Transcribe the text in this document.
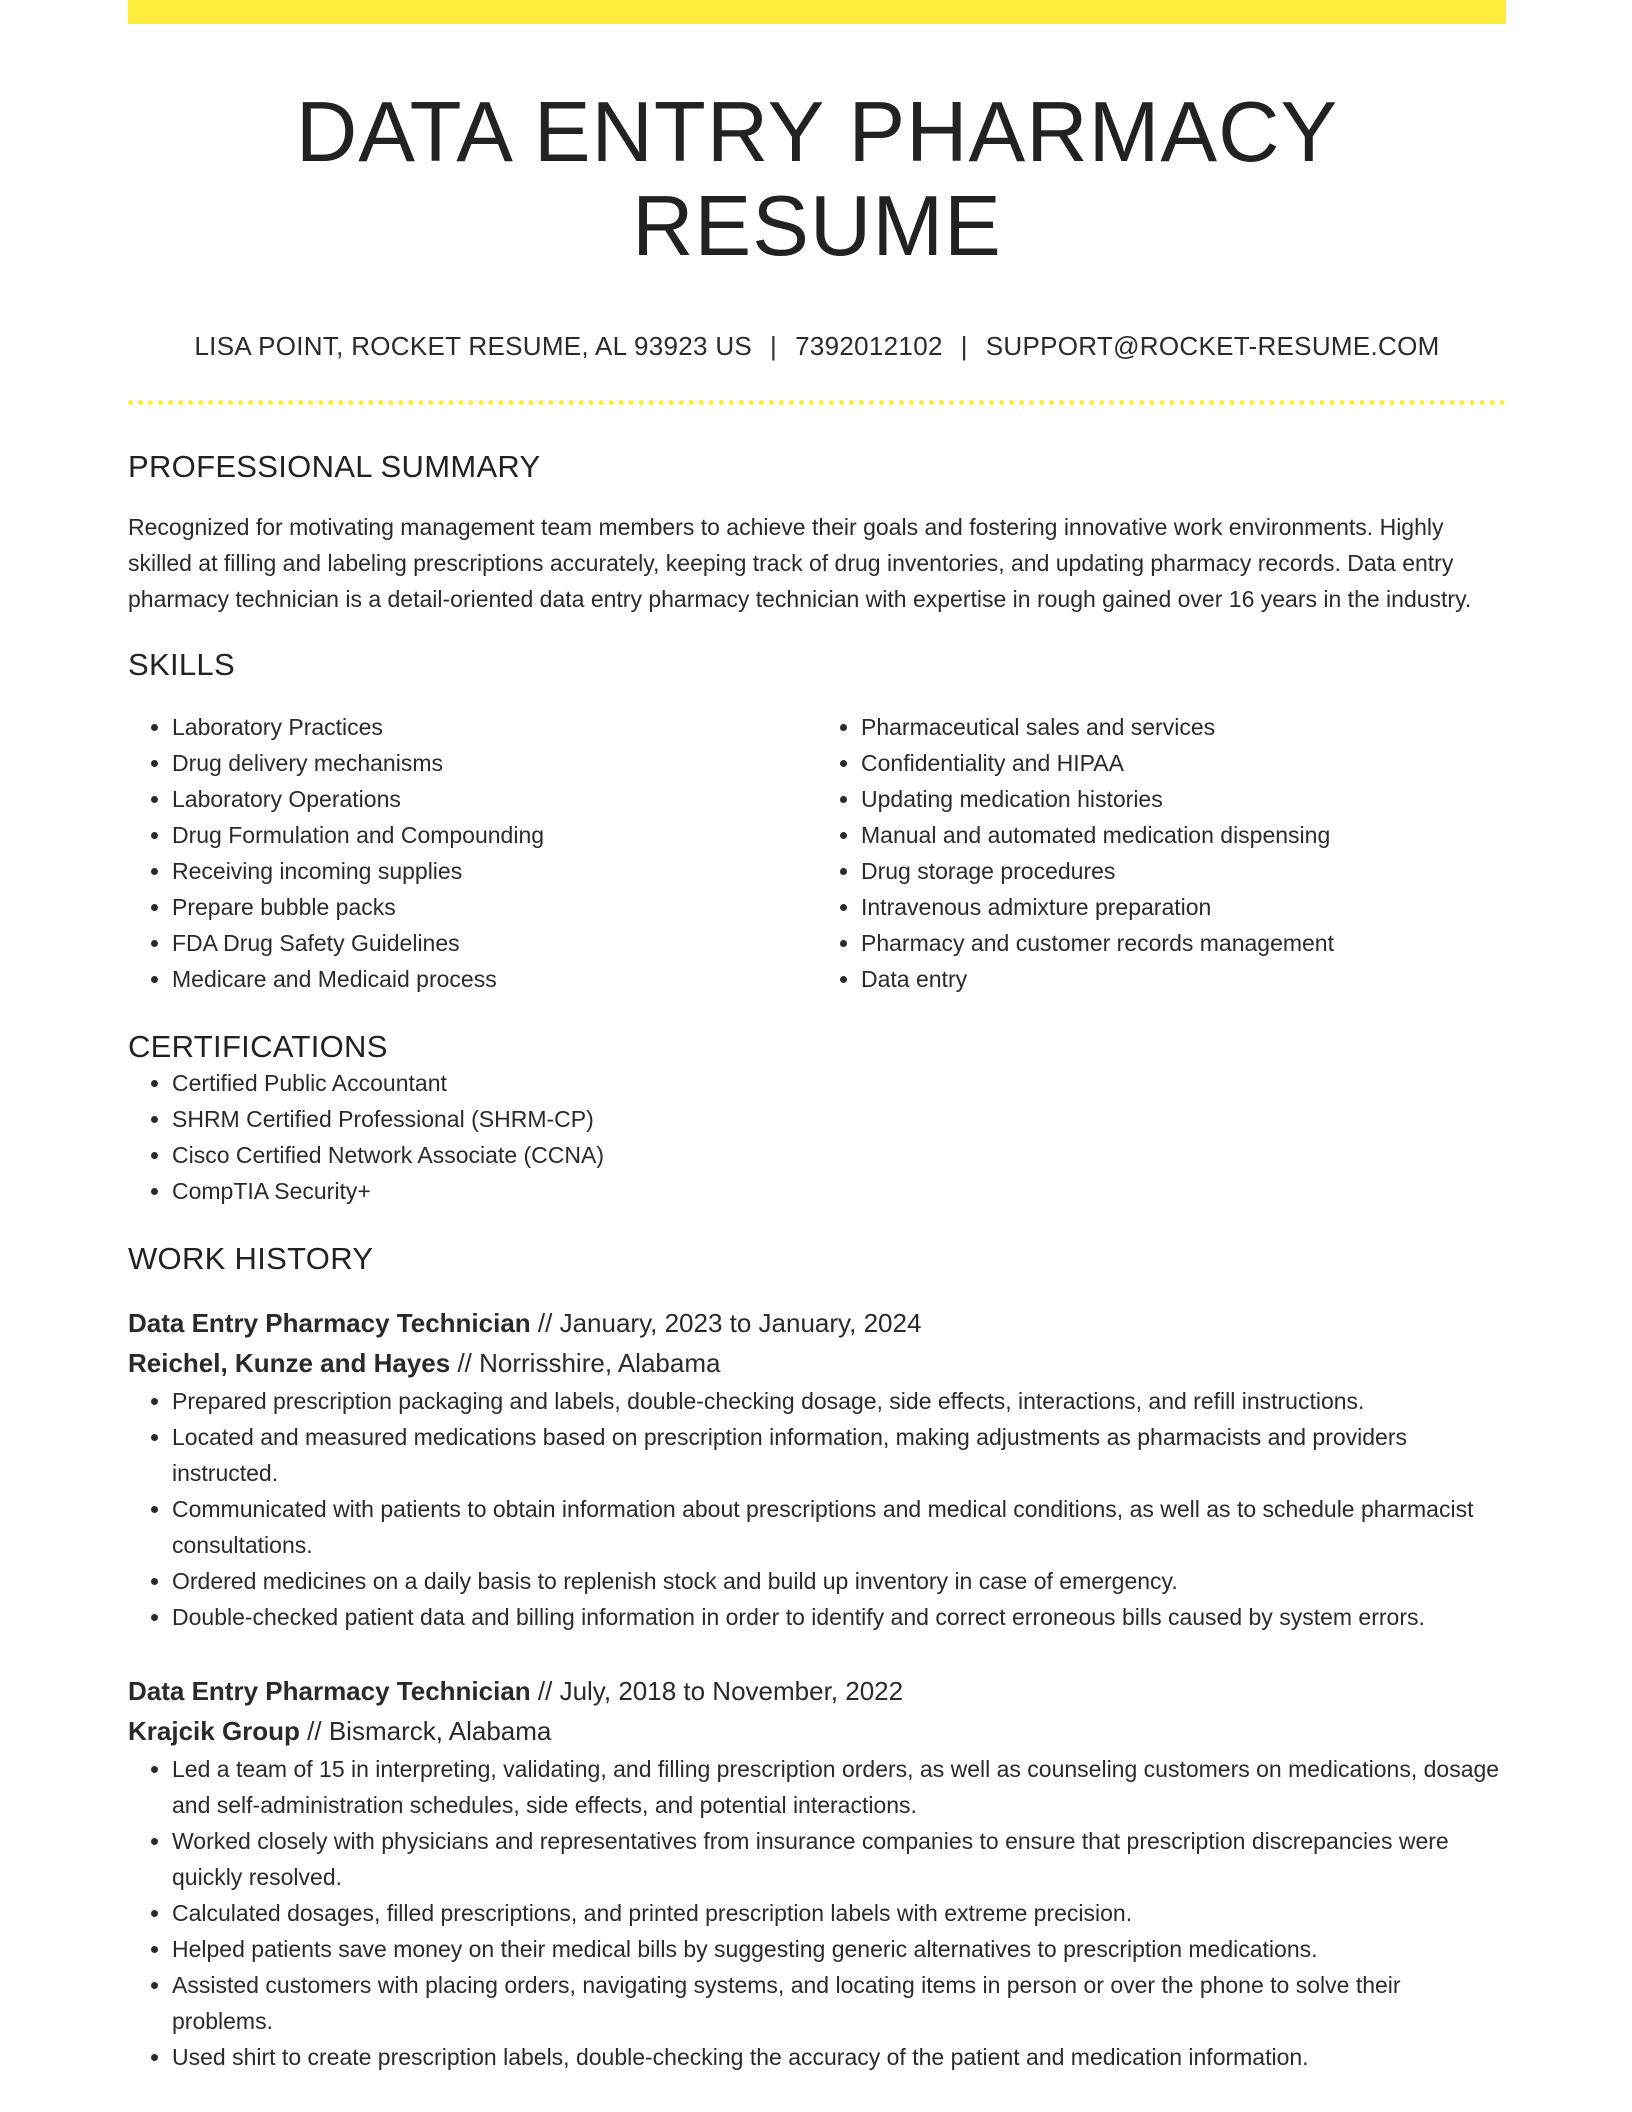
DATA ENTRY PHARMACY RESUME
LISA POINT, ROCKET RESUME, AL 93923 US | 7392012102 | SUPPORT@ROCKET-RESUME.COM
PROFESSIONAL SUMMARY

Recognized for motivating management team members to achieve their goals and fostering innovative work environments. Highly skilled at filling and labeling prescriptions accurately, keeping track of drug inventories, and updating pharmacy records. Data entry pharmacy technician is a detail-oriented data entry pharmacy technician with expertise in rough gained over 16 years in the industry.

SKILLS
• Laboratory Practices
• Drug delivery mechanisms
• Laboratory Operations
• Drug Formulation and Compounding
• Receiving incoming supplies
• Prepare bubble packs
• FDA Drug Safety Guidelines
• Medicare and Medicaid process
• Pharmaceutical sales and services
• Confidentiality and HIPAA
• Updating medication histories
• Manual and automated medication dispensing
• Drug storage procedures
• Intravenous admixture preparation
• Pharmacy and customer records management
• Data entry
CERTIFICATIONS
• Certified Public Accountant
• SHRM Certified Professional (SHRM-CP)
• Cisco Certified Network Associate (CCNA)
• CompTIA Security+
WORK HISTORY
Data Entry Pharmacy Technician // January, 2023 to January, 2024
Reichel, Kunze and Hayes // Norrisshire, Alabama
• Prepared prescription packaging and labels, double-checking dosage, side effects, interactions, and refill instructions.
• Located and measured medications based on prescription information, making adjustments as pharmacists and providers instructed.
• Communicated with patients to obtain information about prescriptions and medical conditions, as well as to schedule pharmacist consultations.
• Ordered medicines on a daily basis to replenish stock and build up inventory in case of emergency.
• Double-checked patient data and billing information in order to identify and correct erroneous bills caused by system errors.
Data Entry Pharmacy Technician // July, 2018 to November, 2022
Krajcik Group // Bismarck, Alabama
• Led a team of 15 in interpreting, validating, and filling prescription orders, as well as counseling customers on medications, dosage and self-administration schedules, side effects, and potential interactions.
• Worked closely with physicians and representatives from insurance companies to ensure that prescription discrepancies were quickly resolved.
• Calculated dosages, filled prescriptions, and printed prescription labels with extreme precision.
• Helped patients save money on their medical bills by suggesting generic alternatives to prescription medications.
• Assisted customers with placing orders, navigating systems, and locating items in person or over the phone to solve their problems.
• Used shirt to create prescription labels, double-checking the accuracy of the patient and medication information.
